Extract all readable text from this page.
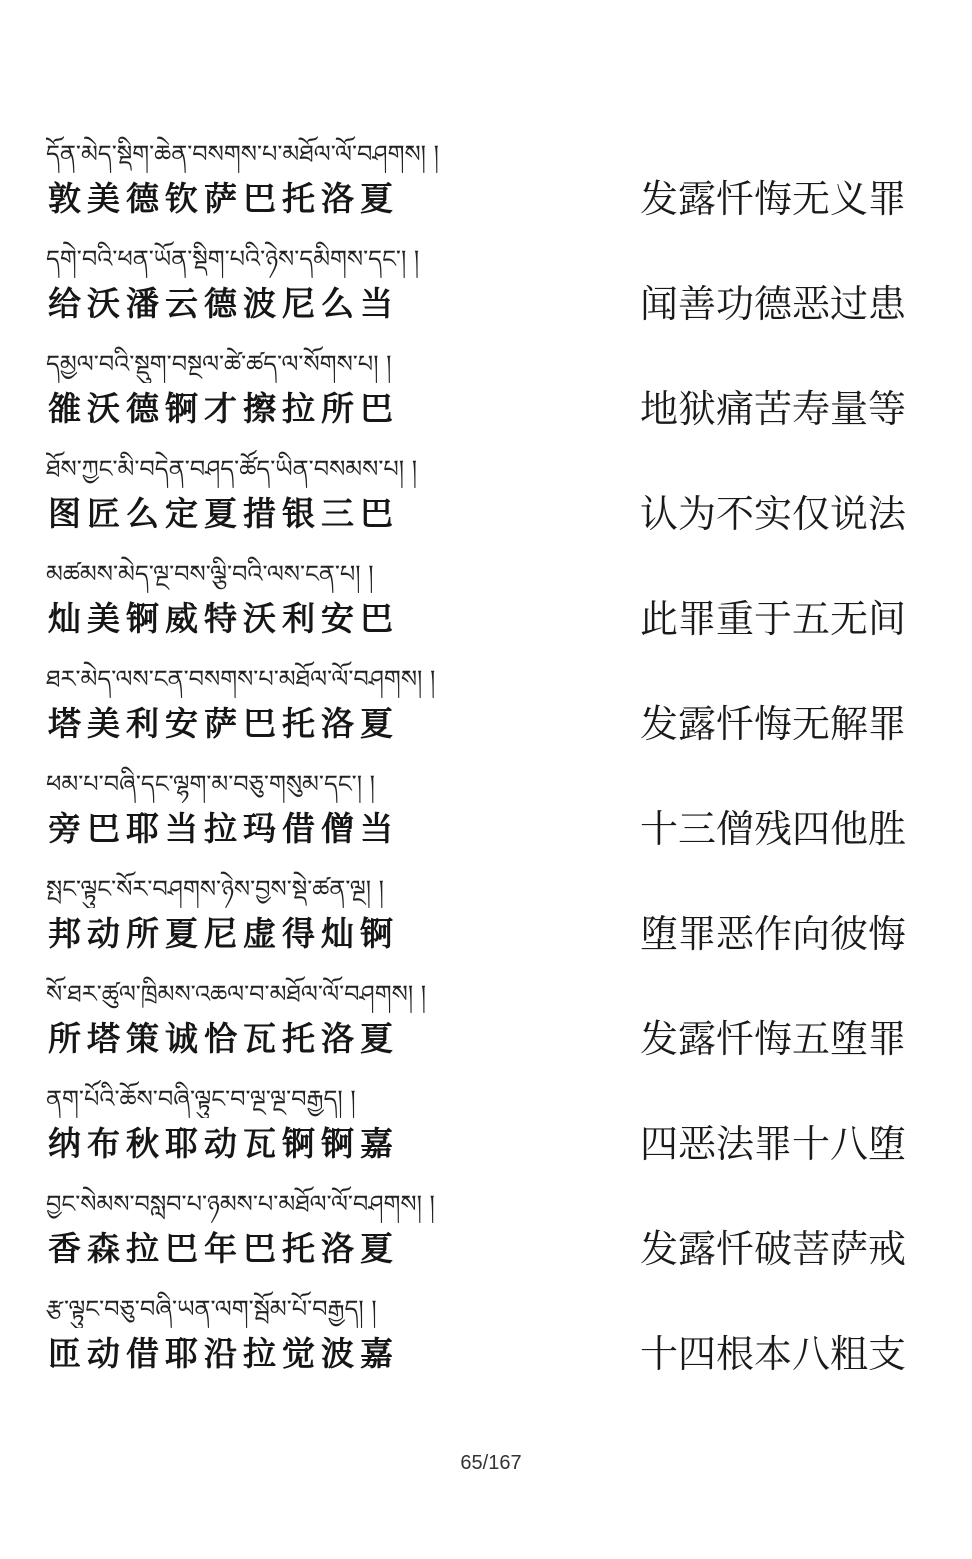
དོན་མེད་སྡིག་ཆེན་བསགས་པ་མཐོལ་ལོ་བཤགས། །
敦美德钦萨巴托洛夏	发露忏悔无义罪
དགེ་བའི་ཕན་ཡོན་སྡིག་པའི་ཉེས་དམིགས་དང་། །
给沃潘云德波尼么当	闻善功德恶过患
དམྱལ་བའི་སྡུག་བསྔལ་ཚེ་ཚད་ལ་སོགས་པ། །
雒沃德锕才擦拉所巴	地狱痛苦寿量等
ཐོས་ཀྱང་མི་བདེན་བཤད་ཚོད་ཡིན་བསམས་པ། །
图匠么定夏措银三巴	认为不实仅说法
མཚམས་མེད་ལྔ་བས་ལྕི་བའི་ལས་ངན་པ། །
灿美锕威特沃利安巴	此罪重于五无间
ཐར་མེད་ལས་ངན་བསགས་པ་མཐོལ་ལོ་བཤགས། །
塔美利安萨巴托洛夏	发露忏悔无解罪
ཕམ་པ་བཞི་དང་ལྷག་མ་བཅུ་གསུམ་དང་། །
旁巴耶当拉玛借僧当	十三僧残四他胜
སྤང་ལྟུང་སོར་བཤགས་ཉེས་བྱས་སྡེ་ཚན་ལྔ། །
邦动所夏尼虚得灿锕	堕罪恶作向彼悔
སོ་ཐར་ཚུལ་ཁྲིམས་འཆལ་བ་མཐོལ་ལོ་བཤགས། །
所塔策诚恰瓦托洛夏	发露忏悔五堕罪
ནག་པོའི་ཆོས་བཞི་ལྟུང་བ་ལྔ་ལྔ་བརྒྱད། །
纳布秋耶动瓦锕锕嘉	四恶法罪十八堕
བྱང་སེམས་བསླབ་པ་ཉམས་པ་མཐོལ་ལོ་བཤགས། །
香森拉巴年巴托洛夏	发露忏破菩萨戒
རྩ་ལྟུང་བཅུ་བཞི་ཡན་ལག་སྦོམ་པོ་བརྒྱད། །
匝动借耶沿拉觉波嘉	十四根本八粗支
65/167
